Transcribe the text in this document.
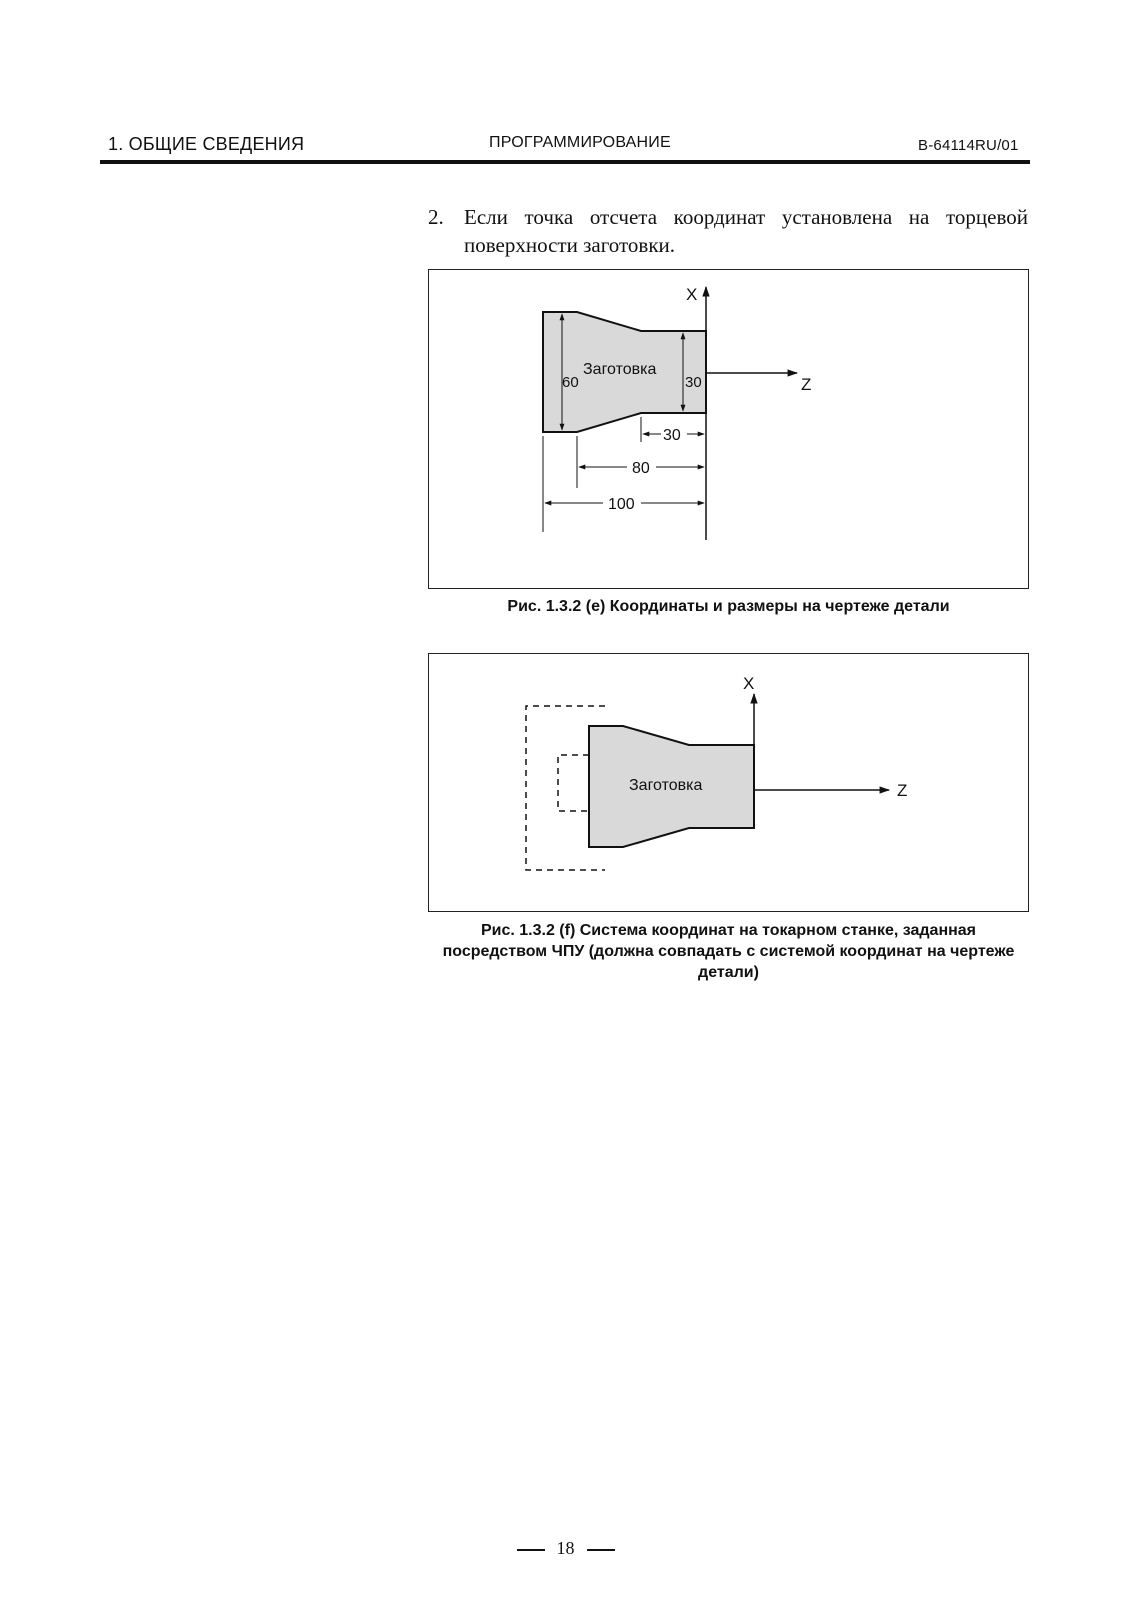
1. ОБЩИЕ СВЕДЕНИЯ	ПРОГРАММИРОВАНИЕ	B-64114RU/01
2. Если точка отсчета координат установлена на торцевой поверхности заготовки.
X
Z
Заготовка
60	30
30
80
100
Рис. 1.3.2 (e) Координаты и размеры на чертеже детали
X
Z
Заготовка
Рис. 1.3.2 (f) Система координат на токарном станке, заданная посредством ЧПУ (должна совпадать с системой координат на чертеже детали)
18
